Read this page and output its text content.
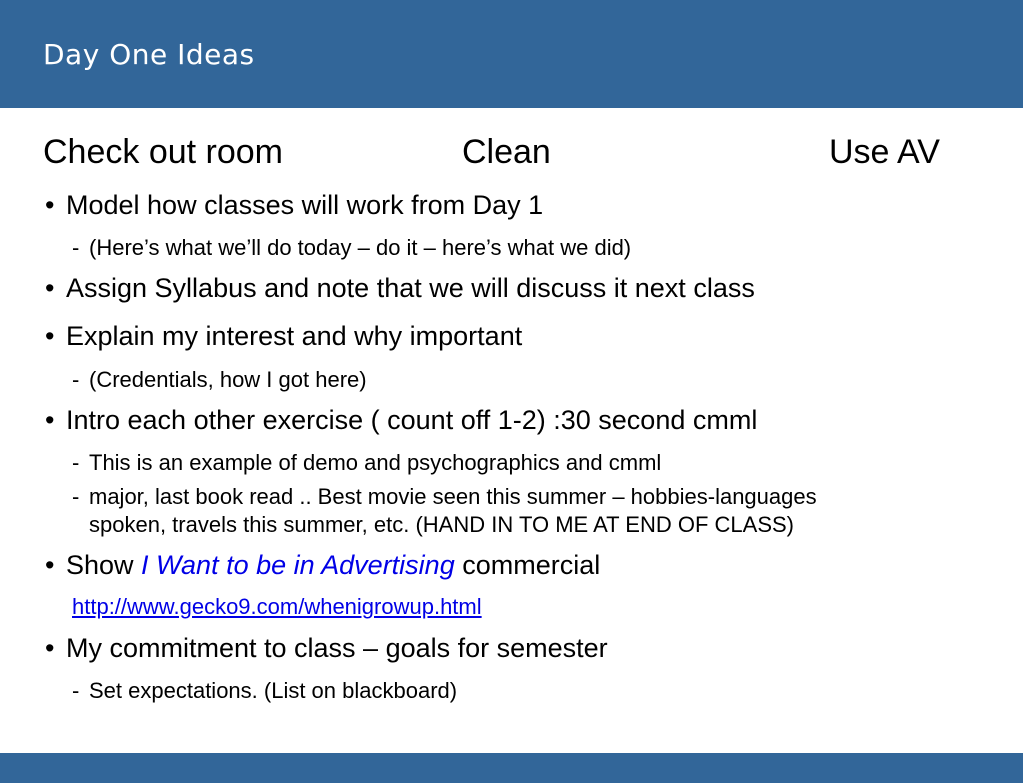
Day One Ideas
Check out room	Clean	Use AV
• Model how classes will work from Day 1
- (Here’s what we’ll do today – do it – here’s what we did)
• Assign Syllabus and note that we will discuss it next class
• Explain my interest and why important
- (Credentials, how I got here)
• Intro each other exercise ( count off 1-2) :30 second cmml
- This is an example of demo and psychographics and cmml
- major, last book read .. Best movie seen this summer – hobbies-languages
spoken, travels this summer, etc. (HAND IN TO ME AT END OF CLASS)
• Show I Want to be in Advertising commercial
http://www.gecko9.com/whenigrowup.html
• My commitment to class – goals for semester
- Set expectations. (List on blackboard)
